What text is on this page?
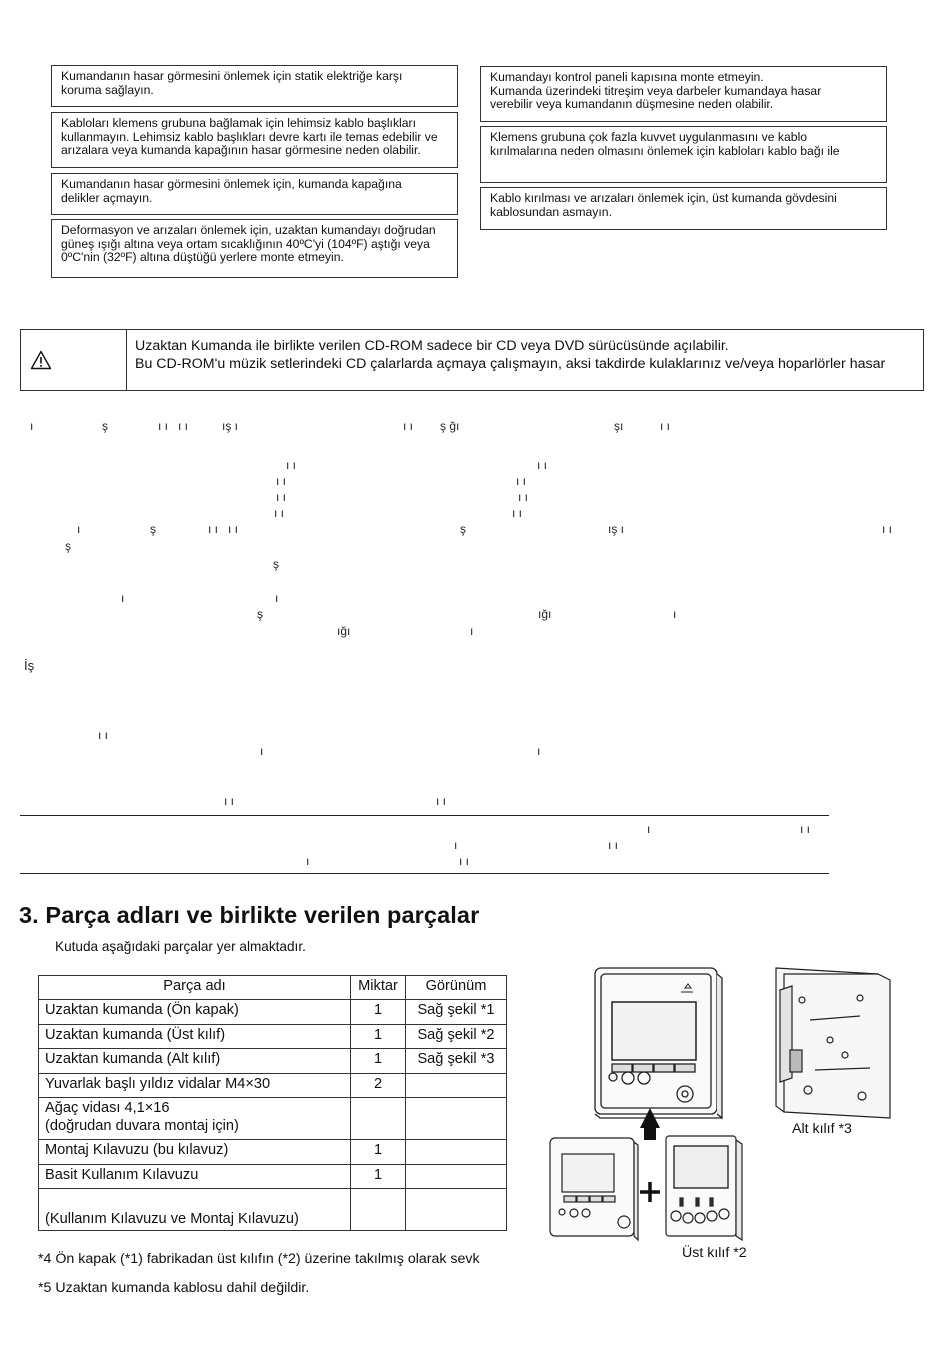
Kumandanın hasar görmesini önlemek için statik elektriğe karşı
koruma sağlayın.
Kabloları klemens grubuna bağlamak için lehimsiz kablo başlıkları
kullanmayın. Lehimsiz kablo başlıkları devre kartı ile temas edebilir ve
arızalara veya kumanda kapağının hasar görmesine neden olabilir.
Kumandanın hasar görmesini önlemek için, kumanda kapağına
delikler açmayın.
Deformasyon ve arızaları önlemek için, uzaktan kumandayı doğrudan
güneş ışığı altına veya ortam sıcaklığının 40ºC'yi (104ºF) aştığı veya
0ºC'nin (32ºF) altına düştüğü yerlere monte etmeyin.
Kumandayı kontrol paneli kapısına monte etmeyin.
Kumanda üzerindeki titreşim veya darbeler kumandaya hasar
verebilir veya kumandanın düşmesine neden olabilir.
Klemens grubuna çok fazla kuvvet uygulanmasını ve kablo
kırılmalarına neden olmasını önlemek için kabloları kablo bağı ile
Kablo kırılması ve arızaları önlemek için, üst kumanda gövdesini
kablosundan asmayın.
Uzaktan Kumanda ile birlikte verilen CD-ROM sadece bir CD veya DVD sürücüsünde açılabilir.
Bu CD-ROM'u müzik setlerindeki CD çalarlarda açmaya çalışmayın, aksi takdirde kulaklarınız ve/veya hoparlörler hasar
ı	ş	ı ı   ı ı	ış ı	ı ı ş ğı	şı	ı ı
ı ı	ı ı
ı ı	ı ı
ı ı	ı ı
ı ı	ı ı
ı	ş	ı ı   ı ı	ş	ış ı	ı ı
ş
ş
ı	ı
ş	ığı	ı
ığı	ı
İş
ı ı
ı	ı
ı ı	ı ı
ı	ı ı
ı	ı ı
ı	ı ı
3. Parça adları ve birlikte verilen parçalar
Kutuda aşağıdaki parçalar yer almaktadır.
Parça adı	Miktar	Görünüm
Uzaktan kumanda (Ön kapak)	1	Sağ şekil *1
Uzaktan kumanda (Üst kılıf)	1	Sağ şekil *2
Uzaktan kumanda (Alt kılıf)	1	Sağ şekil *3
Yuvarlak başlı yıldız vidalar M4×30	2	
Ağaç vidası 4,1×16
(doğrudan duvara montaj için)		
Montaj Kılavuzu (bu kılavuz)	1	
Basit Kullanım Kılavuzu	1	
(Kullanım Kılavuzu ve Montaj Kılavuzu)		
*4 Ön kapak (*1) fabrikadan üst kılıfın (*2) üzerine takılmış olarak sevk
*5 Uzaktan kumanda kablosu dahil değildir.
Alt kılıf *3
Üst kılıf *2
